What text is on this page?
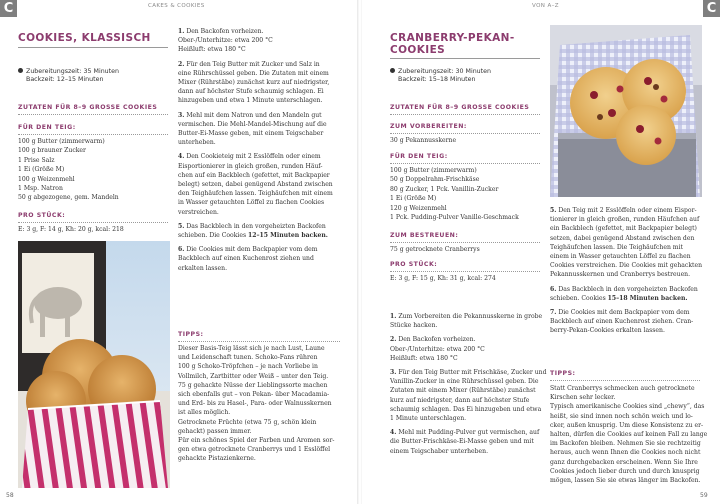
C	CAKES & COOKIES
COOKIES, KLASSISCH
Zubereitungszeit: 35 Minuten
Backzeit: 12–15 Minuten
ZUTATEN FÜR 8–9 GROSSE COOKIES
FÜR DEN TEIG:
100 g Butter (zimmerwarm)
100 g brauner Zucker
1 Prise Salz
1 Ei (Größe M)
100 g Weizenmehl
1 Msp. Natron
50 g abgezogene, gem. Mandeln
PRO STÜCK:
E: 3 g, F: 14 g, Kh: 20 g, kcal: 218
1. Den Backofen vorheizen.
Ober-/Unterhitze: etwa 200 °C
Heißluft: etwa 180 °C
2. Für den Teig Butter mit Zucker und Salz in
eine Rührschüssel geben. Die Zutaten mit einem
Mixer (Rührstäbe) zunächst kurz auf niedrigster,
dann auf höchster Stufe schaumig schlagen. Ei
hinzugeben und etwa 1 Minute unterschlagen.
3. Mehl mit dem Natron und den Mandeln gut
vermischen. Die Mehl-Mandel-Mischung auf die
Butter-Ei-Masse geben, mit einem Teigschaber
unterheben.
4. Den Cookieteig mit 2 Esslöffeln oder einem
Eisportionierer in gleich großen, runden Häuf-
chen auf ein Backblech (gefettet, mit Backpapier
belegt) setzen, dabei genügend Abstand zwischen
den Teighäufchen lassen. Teighäufchen mit einem
in Wasser getauchten Löffel zu flachen Cookies
verstreichen.
5. Das Backblech in den vorgeheizten Backofen
schieben. Die Cookies 12–15 Minuten backen.
6. Die Cookies mit dem Backpapier vom dem
Backblech auf einen Kuchenrost ziehen und
erkalten lassen.
TIPPS:
Dieser Basis-Teig lässt sich je nach Lust, Laune
und Leidenschaft tunen. Schoko-Fans rühren
100 g Schoko-Tröpfchen – je nach Vorliebe in
Vollmilch, Zartbitter oder Weiß – unter den Teig.
75 g gehackte Nüsse der Lieblingssorte machen
sich ebenfalls gut – von Pekan- über Macadamia-
und Erd- bis zu Hasel-, Para- oder Walnusskernen
ist alles möglich.
Getrocknete Früchte (etwa 75 g, schön klein
gehackt) passen immer.
Für ein schönes Spiel der Farben und Aromen sor-
gen etwa getrocknete Cranberrys und 1 Esslöffel
gehackte Pistazienkerne.
58
C
VON A–Z
CRANBERRY-PEKAN-
COOKIES
Zubereitungszeit: 30 Minuten
Backzeit: 15–18 Minuten
ZUTATEN FÜR 8–9 GROSSE COOKIES
ZUM VORBEREITEN:
30 g Pekannusskerne
FÜR DEN TEIG:
100 g Butter (zimmerwarm)
50 g Doppelrahm-Frischkäse
80 g Zucker, 1 Pck. Vanillin-Zucker
1 Ei (Größe M)
120 g Weizenmehl
1 Pck. Pudding-Pulver Vanille-Geschmack
ZUM BESTREUEN:
75 g getrocknete Cranberrys
PRO STÜCK:
E: 3 g, F: 15 g, Kh: 31 g, kcal: 274
1. Zum Vorbereiten die Pekannusskerne in grobe
Stücke hacken.
2. Den Backofen vorheizen.
Ober-/Unterhitze: etwa 200 °C
Heißluft: etwa 180 °C
3. Für den Teig Butter mit Frischkäse, Zucker und
Vanillin-Zucker in eine Rührschüssel geben. Die
Zutaten mit einem Mixer (Rührstäbe) zunächst
kurz auf niedrigster, dann auf höchster Stufe
schaumig schlagen. Das Ei hinzugeben und etwa
1 Minute unterschlagen.
4. Mehl mit Pudding-Pulver gut vermischen, auf
die Butter-Frischkäse-Ei-Masse geben und mit
einem Teigschaber unterheben.
5. Den Teig mit 2 Esslöffeln oder einem Eispor-
tionierer in gleich großen, runden Häufchen auf
ein Backblech (gefettet, mit Backpapier belegt)
setzen, dabei genügend Abstand zwischen den
Teighäufchen lassen. Die Teighäufchen mit
einem in Wasser getauchten Löffel zu flachen
Cookies verstreichen. Die Cookies mit gehackten
Pekannusskernen und Cranberrys bestreuen.
6. Das Backblech in den vorgeheizten Backofen
schieben. Cookies 15–18 Minuten backen.
7. Die Cookies mit dem Backpapier vom dem
Backblech auf einen Kuchenrost ziehen. Cran-
berry-Pekan-Cookies erkalten lassen.
TIPPS:
Statt Cranberrys schmecken auch getrocknete
Kirschen sehr lecker.
Typisch amerikanische Cookies sind „chewy“, das
heißt, sie sind innen noch schön weich und lo-
cker, außen knusprig. Um diese Konsistenz zu er-
halten, dürfen die Cookies auf keinen Fall zu lange
im Backofen bleiben. Nehmen Sie sie rechtzeitig
heraus, auch wenn Ihnen die Cookies noch nicht
ganz durchgebacken erscheinen. Wenn Sie Ihre
Cookies jedoch lieber durch und durch knusprig
mögen, lassen Sie sie etwas länger im Backofen.
59
